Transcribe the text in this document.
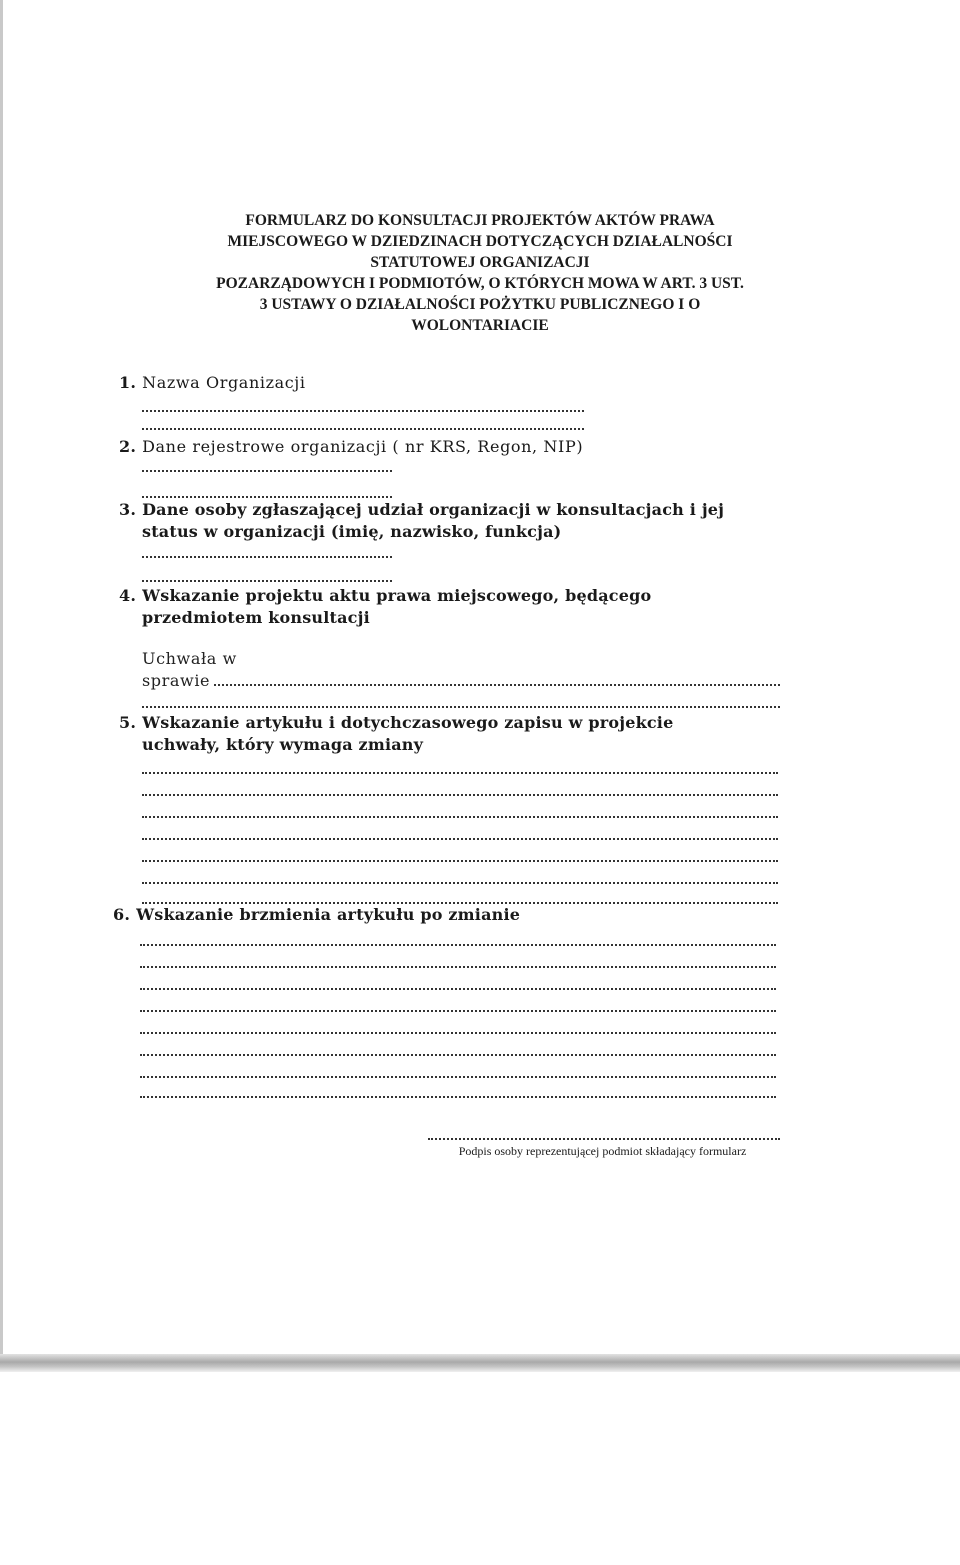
FORMULARZ DO KONSULTACJI PROJEKTÓW AKTÓW PRAWA
MIEJSCOWEGO W DZIEDZINACH DOTYCZĄCYCH DZIAŁALNOŚCI
STATUTOWEJ ORGANIZACJI
POZARZĄDOWYCH I PODMIOTÓW, O KTÓRYCH MOWA W ART. 3 UST.
3 USTAWY O DZIAŁALNOŚCI POŻYTKU PUBLICZNEGO I O
WOLONTARIACIE
1. Nazwa Organizacji
2. Dane rejestrowe organizacji ( nr KRS, Regon, NIP)
3. Dane osoby zgłaszającej udział organizacji w konsultacjach i jej
status w organizacji (imię, nazwisko, funkcja)
4. Wskazanie projektu aktu prawa miejscowego, będącego
przedmiotem konsultacji
Uchwała w
sprawie
5. Wskazanie artykułu i dotychczasowego zapisu w projekcie
uchwały, który wymaga zmiany
6. Wskazanie brzmienia artykułu po zmianie
Podpis osoby reprezentującej podmiot składający formularz
